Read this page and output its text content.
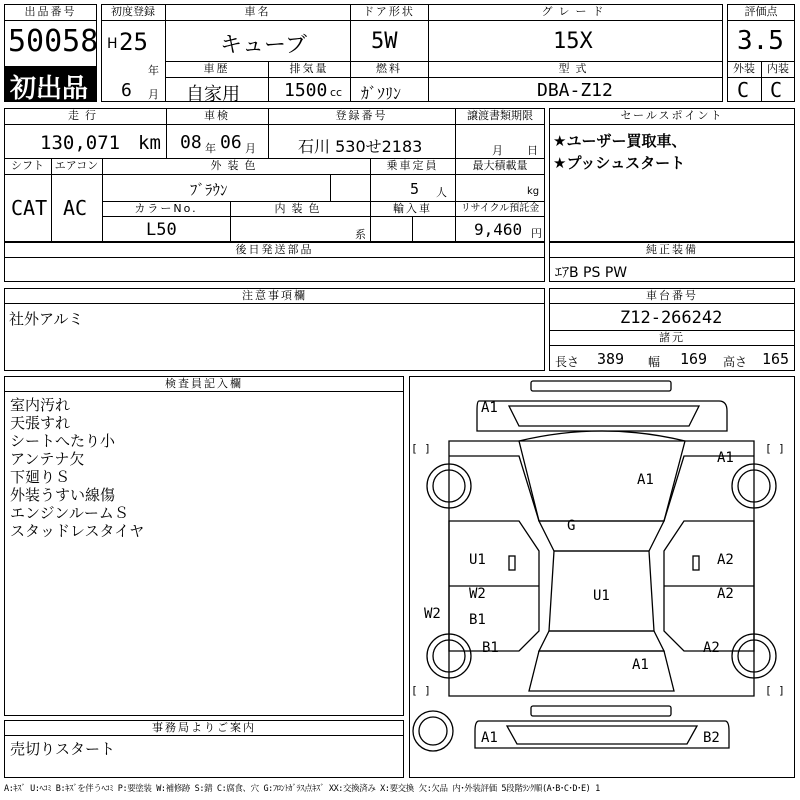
出品番号
50058
初出品
初度登録
H 25
年
6 月
車名
キューブ
ドア形状
5W
グレード
15X
車歴
自家用
排気量
1500 cc
燃料
ｶﾞｿﾘﾝ
型式
DBA-Z12
評価点
3.5
外装	内装
C C
走行
130,071 km
車検
08 年 06 月
登録番号
石川 530せ2183
譲渡書類期限
月 日
シフト
CAT
エアコン
AC
外装色
ﾌﾞﾗｳﾝ
乗車定員
5 人
最大積載量
kg
カラーNo.
L50
内装色
系
輸入車	リサイクル預託金
9,460 円
セールスポイント
★ユーザー買取車、
★プッシュスタート
後日発送部品	純正装備
ｴｱB PS PW
注意事項欄
社外アルミ
車台番号
Z12-266242
諸元
長さ 389 幅 169 高さ 165
検査員記入欄
室内汚れ
天張すれ
シートへたり小
アンテナ欠
下廻りＳ
外装うすい線傷
エンジンルームＳ
スタッドレスタイヤ
事務局よりご案内
売切りスタート
[ ]	[ ]
[ ]	[ ]
A1
A1
A1
G
U1	A2
W2	U1	A2
W2 B1
B1	A2
A1
A1	B2
A:ｷｽﾞ U:ﾍｺﾐ B:ｷｽﾞを伴うﾍｺﾐ P:要塗装 W:補修跡 S:錆 C:腐食、穴 G:ﾌﾛﾝﾄｶﾞﾗｽ点ｷｽﾞ XX:交換済み X:要交換 欠:欠品 内･外装評価 5段階ﾗﾝｸ順(A･B･C･D･E) 1
